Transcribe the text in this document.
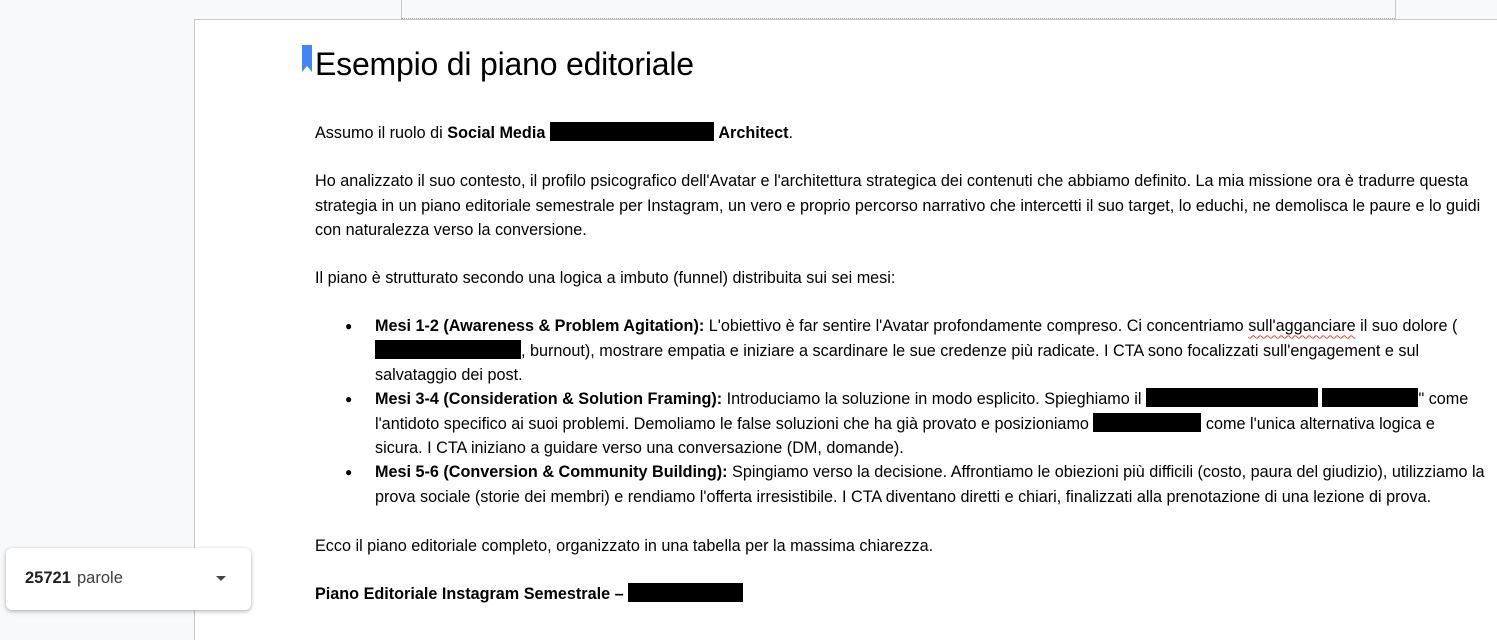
Esempio di piano editoriale

Assumo il ruolo di Social Media	Architect.

Ho analizzato il suo contesto, il profilo psicografico dell'Avatar e l'architettura strategica dei contenuti che abbiamo definito. La mia missione ora è tradurre questa strategia in un piano editoriale semestrale per Instagram, un vero e proprio percorso narrativo che intercetti il suo target, lo educhi, ne demolisca le paure e lo guidi con naturalezza verso la conversione.

Il piano è strutturato secondo una logica a imbuto (funnel) distribuita sui sei mesi:

● Mesi 1-2 (Awareness & Problem Agitation): L'obiettivo è far sentire l'Avatar profondamente compreso. Ci concentriamo sull'agganciare il suo dolore (, burnout), mostrare empatia e iniziare a scardinare le sue credenze più radicate. I CTA sono focalizzati sull'engagement e sul salvataggio dei post.
● Mesi 3-4 (Consideration & Solution Framing): Introduciamo la soluzione in modo esplicito. Spieghiamo il	" come l'antidoto specifico ai suoi problemi. Demoliamo le false soluzioni che ha già provato e posizioniamo	come l'unica alternativa logica e sicura. I CTA iniziano a guidare verso una conversazione (DM, domande).
● Mesi 5-6 (Conversion & Community Building): Spingiamo verso la decisione. Affrontiamo le obiezioni più difficili (costo, paura del giudizio), utilizziamo la prova sociale (storie dei membri) e rendiamo l'offerta irresistibile. I CTA diventano diretti e chiari, finalizzati alla prenotazione di una lezione di prova.

Ecco il piano editoriale completo, organizzato in una tabella per la massima chiarezza.

Piano Editoriale Instagram Semestrale –

25721 parole
